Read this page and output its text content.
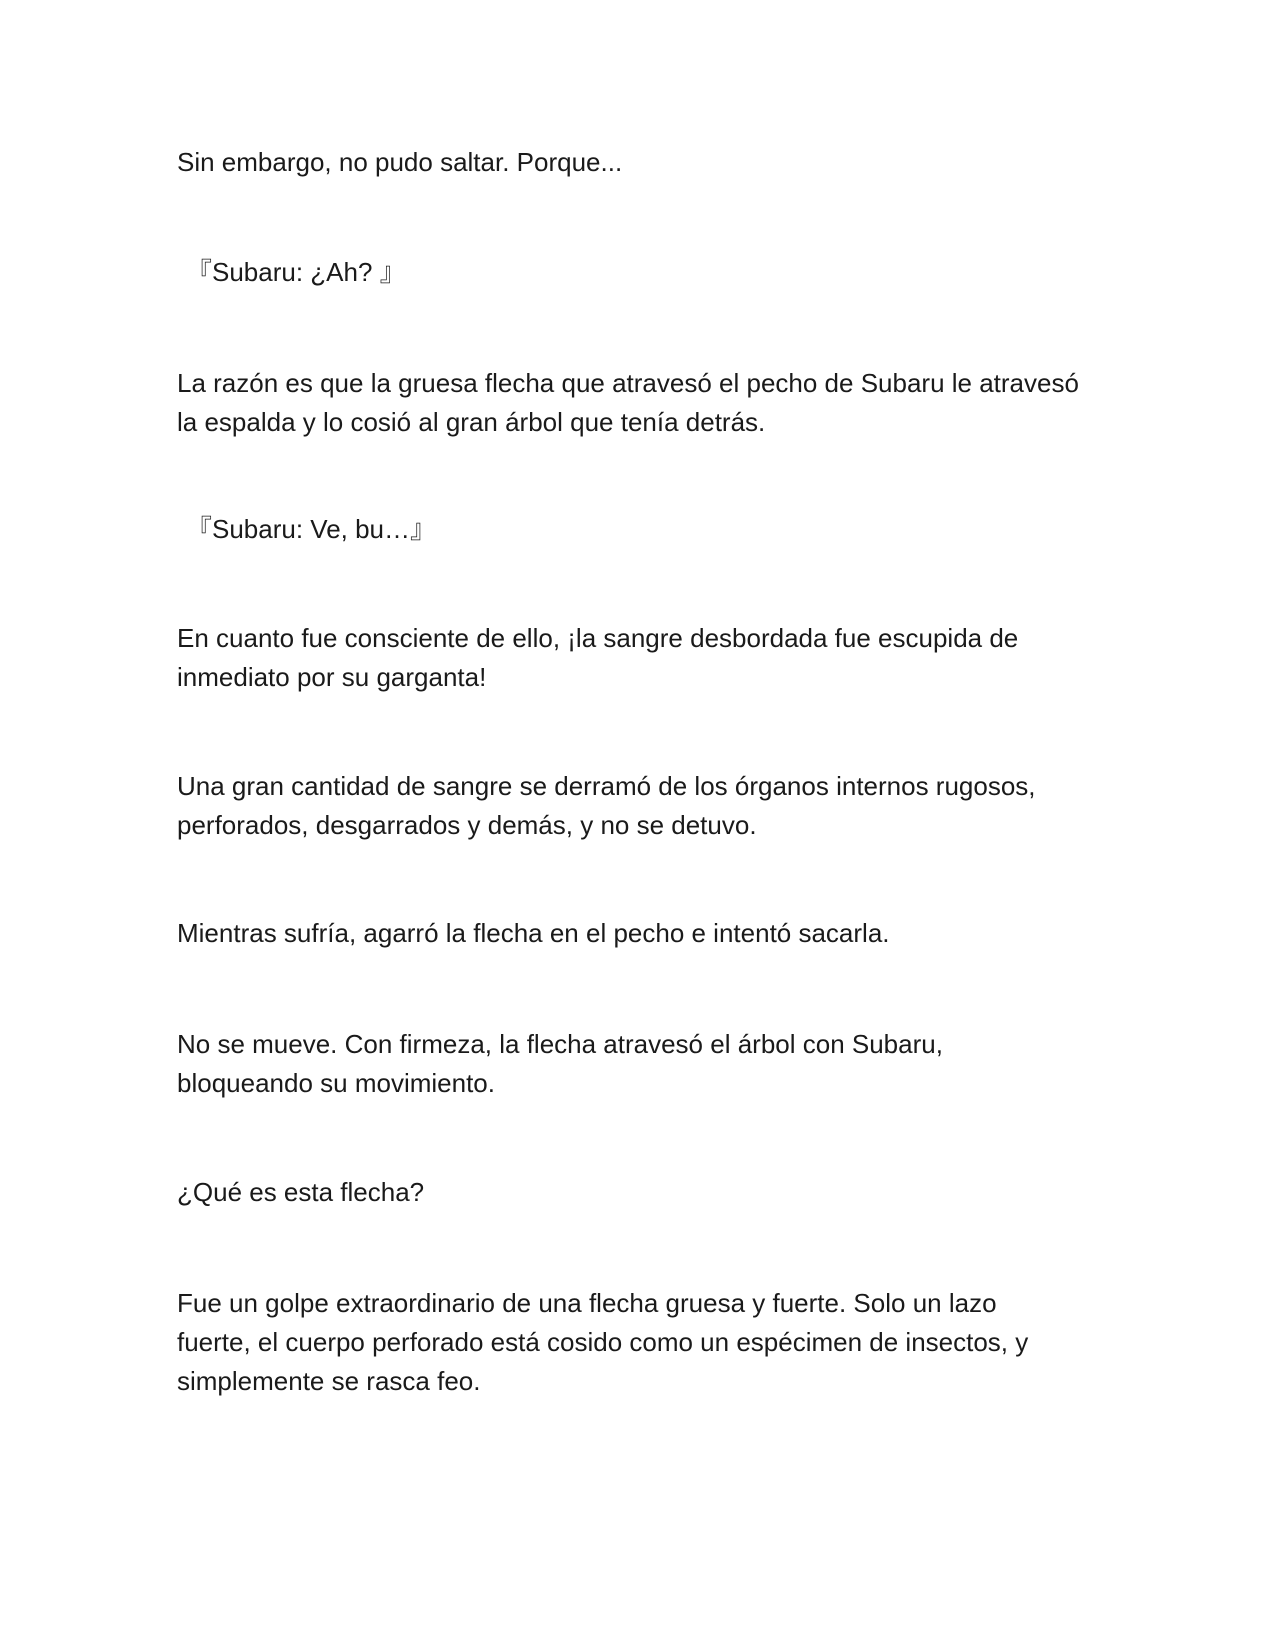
Sin embargo, no pudo saltar. Porque...

『Subaru: ¿Ah? 』

La razón es que la gruesa flecha que atravesó el pecho de Subaru le atravesó
la espalda y lo cosió al gran árbol que tenía detrás.

『Subaru: Ve, bu…』

En cuanto fue consciente de ello, ¡la sangre desbordada fue escupida de
inmediato por su garganta!

Una gran cantidad de sangre se derramó de los órganos internos rugosos,
perforados, desgarrados y demás, y no se detuvo.

Mientras sufría, agarró la flecha en el pecho e intentó sacarla.

No se mueve. Con firmeza, la flecha atravesó el árbol con Subaru,
bloqueando su movimiento.

¿Qué es esta flecha?

Fue un golpe extraordinario de una flecha gruesa y fuerte. Solo un lazo
fuerte, el cuerpo perforado está cosido como un espécimen de insectos, y
simplemente se rasca feo.
